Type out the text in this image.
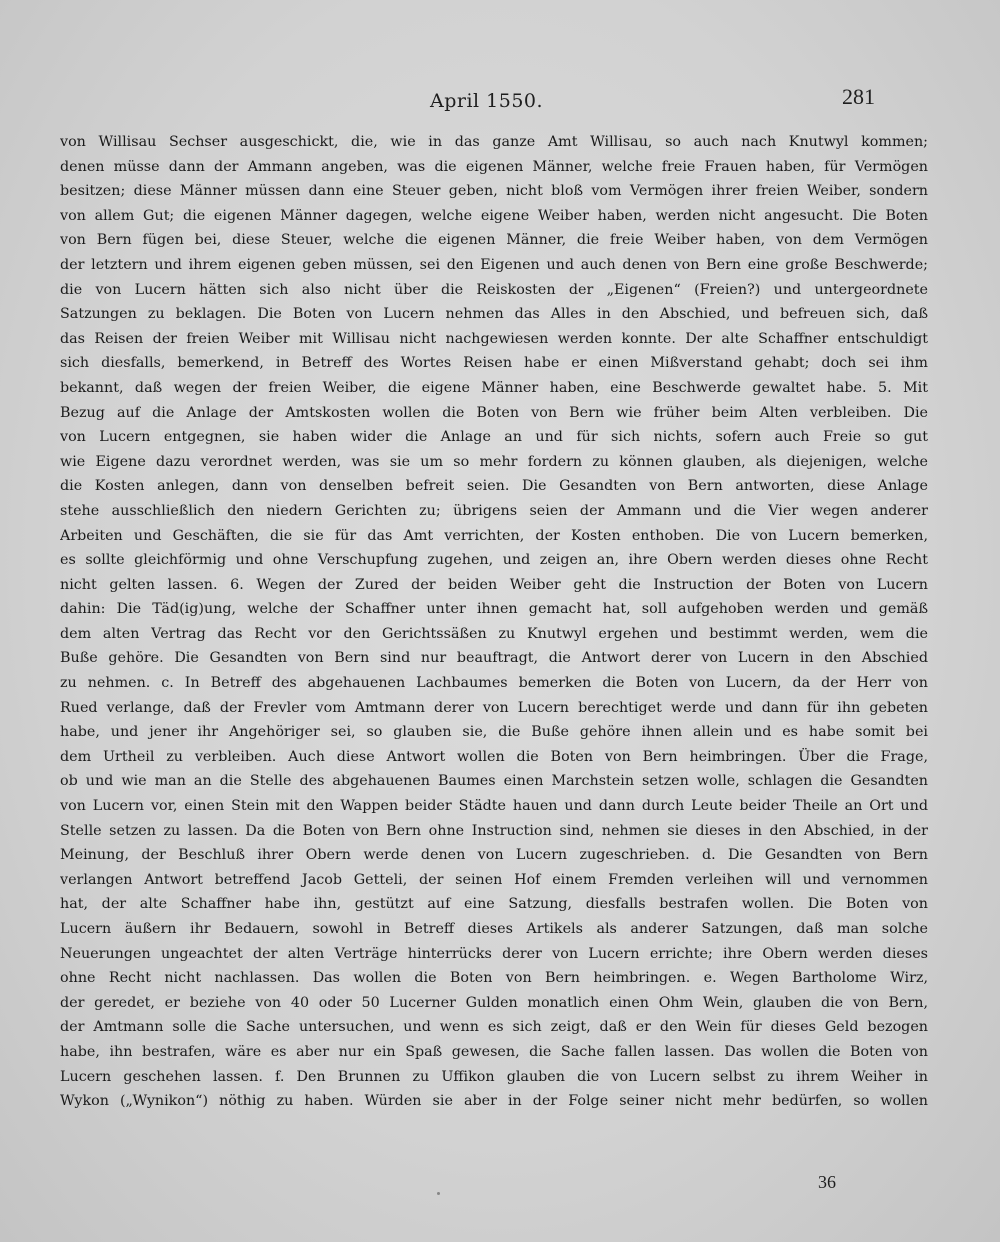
April 1550.	281
von Willisau Sechser ausgeschickt, die, wie in das ganze Amt Willisau, so auch nach Knutwyl kommen;
denen müsse dann der Ammann angeben, was die eigenen Männer, welche freie Frauen haben, für Vermögen
besitzen; diese Männer müssen dann eine Steuer geben, nicht bloß vom Vermögen ihrer freien Weiber, sondern
von allem Gut; die eigenen Männer dagegen, welche eigene Weiber haben, werden nicht angesucht. Die Boten
von Bern fügen bei, diese Steuer, welche die eigenen Männer, die freie Weiber haben, von dem Vermögen
der letztern und ihrem eigenen geben müssen, sei den Eigenen und auch denen von Bern eine große Beschwerde;
die von Lucern hätten sich also nicht über die Reiskosten der „Eigenen“ (Freien?) und untergeordnete
Satzungen zu beklagen. Die Boten von Lucern nehmen das Alles in den Abschied, und befreuen sich, daß
das Reisen der freien Weiber mit Willisau nicht nachgewiesen werden konnte. Der alte Schaffner entschuldigt
sich diesfalls, bemerkend, in Betreff des Wortes Reisen habe er einen Mißverstand gehabt; doch sei ihm
bekannt, daß wegen der freien Weiber, die eigene Männer haben, eine Beschwerde gewaltet habe. 5. Mit
Bezug auf die Anlage der Amtskosten wollen die Boten von Bern wie früher beim Alten verbleiben. Die
von Lucern entgegnen, sie haben wider die Anlage an und für sich nichts, sofern auch Freie so gut
wie Eigene dazu verordnet werden, was sie um so mehr fordern zu können glauben, als diejenigen, welche
die Kosten anlegen, dann von denselben befreit seien. Die Gesandten von Bern antworten, diese Anlage
stehe ausschließlich den niedern Gerichten zu; übrigens seien der Ammann und die Vier wegen anderer
Arbeiten und Geschäften, die sie für das Amt verrichten, der Kosten enthoben. Die von Lucern bemerken,
es sollte gleichförmig und ohne Verschupfung zugehen, und zeigen an, ihre Obern werden dieses ohne Recht
nicht gelten lassen. 6. Wegen der Zured der beiden Weiber geht die Instruction der Boten von Lucern
dahin: Die Täd(ig)ung, welche der Schaffner unter ihnen gemacht hat, soll aufgehoben werden und gemäß
dem alten Vertrag das Recht vor den Gerichtssäßen zu Knutwyl ergehen und bestimmt werden, wem die
Buße gehöre. Die Gesandten von Bern sind nur beauftragt, die Antwort derer von Lucern in den Abschied
zu nehmen. c. In Betreff des abgehauenen Lachbaumes bemerken die Boten von Lucern, da der Herr von
Rued verlange, daß der Frevler vom Amtmann derer von Lucern berechtiget werde und dann für ihn gebeten
habe, und jener ihr Angehöriger sei, so glauben sie, die Buße gehöre ihnen allein und es habe somit bei
dem Urtheil zu verbleiben. Auch diese Antwort wollen die Boten von Bern heimbringen. Über die Frage,
ob und wie man an die Stelle des abgehauenen Baumes einen Marchstein setzen wolle, schlagen die Gesandten
von Lucern vor, einen Stein mit den Wappen beider Städte hauen und dann durch Leute beider Theile an Ort und
Stelle setzen zu lassen. Da die Boten von Bern ohne Instruction sind, nehmen sie dieses in den Abschied, in der
Meinung, der Beschluß ihrer Obern werde denen von Lucern zugeschrieben. d. Die Gesandten von Bern
verlangen Antwort betreffend Jacob Getteli, der seinen Hof einem Fremden verleihen will und vernommen
hat, der alte Schaffner habe ihn, gestützt auf eine Satzung, diesfalls bestrafen wollen. Die Boten von
Lucern äußern ihr Bedauern, sowohl in Betreff dieses Artikels als anderer Satzungen, daß man solche
Neuerungen ungeachtet der alten Verträge hinterrücks derer von Lucern errichte; ihre Obern werden dieses
ohne Recht nicht nachlassen. Das wollen die Boten von Bern heimbringen. e. Wegen Bartholome Wirz,
der geredet, er beziehe von 40 oder 50 Lucerner Gulden monatlich einen Ohm Wein, glauben die von Bern,
der Amtmann solle die Sache untersuchen, und wenn es sich zeigt, daß er den Wein für dieses Geld bezogen
habe, ihn bestrafen, wäre es aber nur ein Spaß gewesen, die Sache fallen lassen. Das wollen die Boten von
Lucern geschehen lassen. f. Den Brunnen zu Uffikon glauben die von Lucern selbst zu ihrem Weiher in
Wykon („Wynikon“) nöthig zu haben. Würden sie aber in der Folge seiner nicht mehr bedürfen, so wollen
36
